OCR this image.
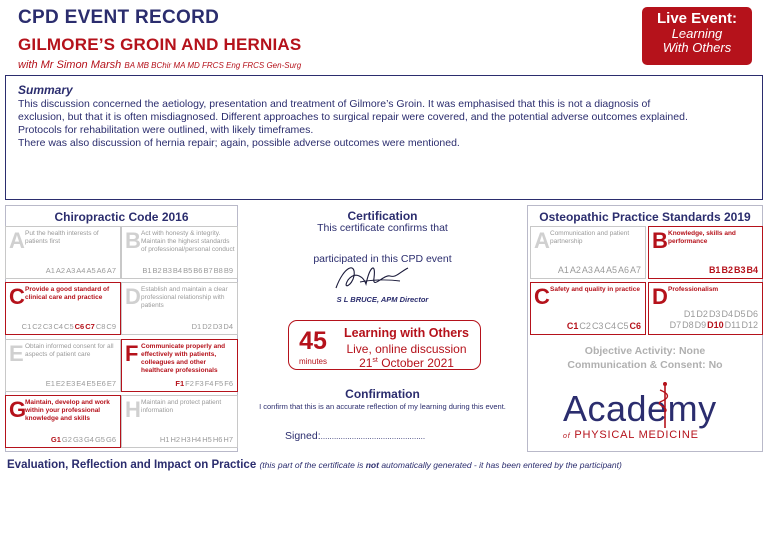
CPD EVENT RECORD
GILMORE’S GROIN AND HERNIAS
with Mr Simon Marsh BA MB BChir MA MD FRCS Eng FRCS Gen-Surg
Live Event:
Learning
With Others
Summary
This discussion concerned the aetiology, presentation and treatment of Gilmore’s Groin. It was emphasised that this is not a diagnosis of
exclusion, but that it is often misdiagnosed. Different approaches to surgical repair were covered, and the potential adverse outcomes explained.
Protocols for rehabilitation were outlined, with likely timeframes.
There was also discussion of hernia repair; again, possible adverse outcomes were mentioned.
Chiropractic Code 2016
A Put the health interests of patients first
A1A2A3A4A5A6A7
B Act with honesty & integrity. Maintain the highest standards of professional/personal conduct
B1B2B3B4B5B6B7B8B9
C Provide a good standard of clinical care and practice
C1C2C3C4C5C6C7C8C9
D Establish and maintain a clear professional relationship with patients
D1D2D3D4
E Obtain informed consent for all aspects of patient care
E1E2E3E4E5E6E7
F Communicate properly and effectively with patients, colleagues and other healthcare professionals
F1F2F3F4F5F6
G
Maintain, develop and work within your professional knowledge and skills
G1G2G3G4G5G6
H Maintain and protect patient information
H1H2H3H4H5H6H7
Certification
This certificate confirms that
participated in this CPD event
S L BRUCE, APM Director
45
minutes
Learning with Others
Live, online discussion
21st October 2021
Confirmation
I confirm that this is an accurate reflection of my learning during this event.
Signed:...............................................
Osteopathic Practice Standards 2019
A Communication and patient partnership
A1A2A3A4A5A6A7
B Knowledge, skills and performance
B1B2B3B4
C Safety and quality in practice
C1C2C3C4C5C6
D Professionalism
D1D2D3D4D5D6
D7D8D9D10D11D12
Objective Activity: None
Communication & Consent: No
Academy
of PHYSICAL MEDICINE
Evaluation, Reflection and Impact on Practice (this part of the certificate is not automatically generated - it has been entered by the participant)
